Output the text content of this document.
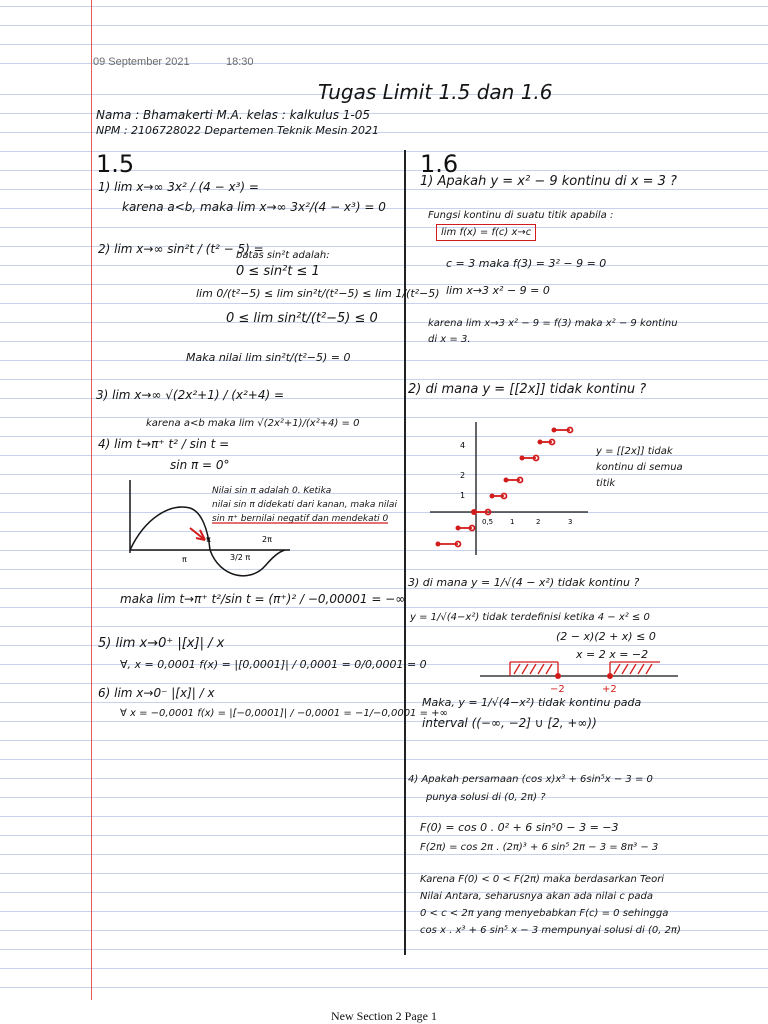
09 September 2021	18:30
Tugas Limit 1.5 dan 1.6
Nama : Bhamakerti M.A. kelas : kalkulus 1-05
NPM : 2106728022 Departemen Teknik Mesin 2021
1.5
1) lim x→∞ 3x² / (4 − x³) =
karena a<b, maka lim x→∞ 3x²/(4 − x³) = 0
2) lim x→∞ sin²t / (t² − 5) =
batas sin²t adalah:
0 ≤ sin²t ≤ 1
lim 0/(t²−5) ≤ lim sin²t/(t²−5) ≤ lim 1/(t²−5)
0 ≤ lim sin²t/(t²−5) ≤ 0
Maka nilai lim sin²t/(t²−5) = 0
3) lim x→∞ √(2x²+1) / (x²+4) =
karena a<b maka lim √(2x²+1)/(x²+4) = 0
4) lim t→π⁺ t² / sin t =
sin π = 0°
Nilai sin π adalah 0. Ketika
nilai sin π didekati dari kanan, maka nilai
sin π⁺ bernilai negatif dan mendekati 0
π	2π
π	3/2 π
maka lim t→π⁺ t²/sin t = (π⁺)² / −0,00001 = −∞
5) lim x→0⁺ |[x]| / x
∀, x = 0,0001 f(x) = |[0,0001]| / 0,0001 = 0/0,0001 = 0
6) lim x→0⁻ |[x]| / x
∀ x = −0,0001 f(x) = |[−0,0001]| / −0,0001 = −1/−0,0001 = +∞
1.6
1) Apakah y = x² − 9 kontinu di x = 3 ?
Fungsi kontinu di suatu titik apabila :
lim f(x) = f(c) x→c
c = 3 maka f(3) = 3² − 9 = 0
lim x→3 x² − 9 = 0
karena lim x→3 x² − 9 = f(3) maka x² − 9 kontinu
di x = 3.
2) di mana y = [[2x]] tidak kontinu ?
4
2
1
0,5 1	2	3
y = [[2x]] tidak
kontinu di semua
titik
3) di mana y = 1/√(4 − x²) tidak kontinu ?
y = 1/√(4−x²) tidak terdefinisi ketika 4 − x² ≤ 0
(2 − x)(2 + x) ≤ 0
x = 2 x = −2
−2	+2
Maka, y = 1/√(4−x²) tidak kontinu pada
interval ((−∞, −2] ∪ [2, +∞))
4) Apakah persamaan (cos x)x³ + 6sin⁵x − 3 = 0
punya solusi di (0, 2π) ?
F(0) = cos 0 . 0² + 6 sin⁵0 − 3 = −3
F(2π) = cos 2π . (2π)³ + 6 sin⁵ 2π − 3 = 8π³ − 3
Karena F(0) < 0 < F(2π) maka berdasarkan Teori
Nilai Antara, seharusnya akan ada nilai c pada
0 < c < 2π yang menyebabkan F(c) = 0 sehingga
cos x . x³ + 6 sin⁵ x − 3 mempunyai solusi di (0, 2π)
New Section 2 Page 1
